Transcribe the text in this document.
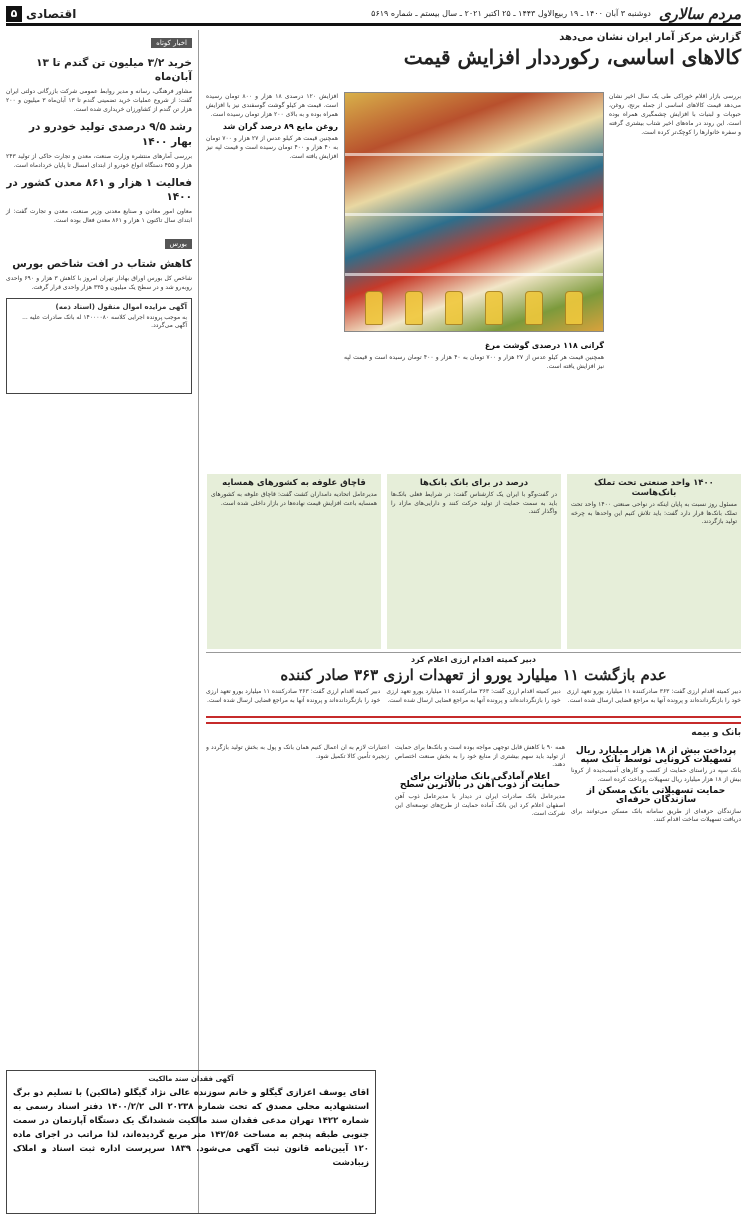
مردم سالاری
دوشنبه ۳ آبان ۱۴۰۰ ـ ۱۹ ربیع‌الاول ۱۴۴۳ ـ ۲۵ اکتبر ۲۰۲۱ ـ سال بیستم ـ شماره ۵۶۱۹
اقتصادی
۵
اخبار کوتاه
خرید ۳/۲ میلیون تن گندم تا ۱۳ آبان‌ماه

مشاور فرهنگی، رسانه و مدیر روابط عمومی شرکت بازرگانی دولتی ایران گفت: از شروع عملیات خرید تضمینی گندم تا ۱۳ آبان‌ماه ۳ میلیون و ۲۰۰ هزار تن گندم از کشاورزان خریداری شده است.

رشد ۹/۵ درصدی تولید خودرو در بهار ۱۴۰۰

بررسی آمارهای منتشره وزارت صنعت، معدن و تجارت حاکی از تولید ۲۴۳ هزار و ۴۵۵ دستگاه انواع خودرو از ابتدای امسال تا پایان خردادماه است.

فعالیت ۱ هزار و ۸۶۱ معدن کشور در ۱۴۰۰

معاون امور معادن و صنایع معدنی وزیر صنعت، معدن و تجارت گفت: از ابتدای سال تاکنون ۱ هزار و ۸۶۱ معدن فعال بوده است.

بورس
کاهش شتاب در افت شاخص بورس

شاخص کل بورس اوراق بهادار تهران امروز با کاهش ۳ هزار و ۶۹۰ واحدی روبه‌رو شد و در سطح یک میلیون و ۳۳۵ هزار واحدی قرار گرفت.

آگهی مزایده اموال منقول (اسناد ذمه)
به موجب پرونده اجرایی کلاسه ۱۴۰۰۰۰۸۰ له بانک صادرات علیه ... آگهی می‌گردد.
گزارش مرکز آمار ایران نشان می‌دهد
کالاهای اساسی، رکورددار افزایش قیمت

بررسی بازار اقلام خوراکی طی یک سال اخیر نشان می‌دهد قیمت کالاهای اساسی از جمله برنج، روغن، حبوبات و لبنیات با افزایش چشمگیری همراه بوده است. این روند در ماه‌های اخیر شتاب بیشتری گرفته و سفره خانوارها را کوچک‌تر کرده است.

افزایش ۱۲۰ درصدی ۱۸ هزار و ۸۰۰ تومان رسیده است. قیمت هر کیلو گوشت گوسفندی نیز با افزایش همراه بوده و به بالای ۲۰۰ هزار تومان رسیده است.

روغن مایع ۸۹ درصد گران شد

همچنین قیمت هر کیلو عدس از ۲۷ هزار و ۷۰۰ تومان به ۴۰ هزار و ۴۰۰ تومان رسیده است و قیمت لپه نیز افزایش یافته است.

گرانی ۱۱۸ درصدی گوشت مرغ

همچنین قیمت هر کیلو عدس از ۲۷ هزار و ۷۰۰ تومان به ۴۰ هزار و ۴۰۰ تومان رسیده است و قیمت لپه نیز افزایش یافته است.

۱۴۰۰ واحد صنعتی تحت تملک بانک‌هاست

مسئول روز نسبت به پایان اینکه در نواحی صنعتی ۱۴۰۰ واحد تحت تملک بانک‌ها قرار دارد گفت: باید تلاش کنیم این واحدها به چرخه تولید بازگردند.

درصد در برای بانک بانک‌ها

در گفت‌وگو با ایران یک کارشناس گفت: در شرایط فعلی بانک‌ها باید به سمت حمایت از تولید حرکت کنند و دارایی‌های مازاد را واگذار کنند.

قاچاق علوفه به کشورهای همسایه

مدیرعامل اتحادیه دامداران کشت گفت: قاچاق علوفه به کشورهای همسایه باعث افزایش قیمت نهاده‌ها در بازار داخلی شده است.

دبیر کمیته اقدام ارزی اعلام کرد
عدم بازگشت ۱۱ میلیارد یورو از تعهدات ارزی ۳۶۳ صادر کننده

دبیر کمیته اقدام ارزی گفت: ۳۶۳ صادرکننده ۱۱ میلیارد یورو تعهد ارزی خود را بازنگردانده‌اند و پرونده آنها به مراجع قضایی ارسال شده است.

دبیر کمیته اقدام ارزی گفت: ۳۶۳ صادرکننده ۱۱ میلیارد یورو تعهد ارزی خود را بازنگردانده‌اند و پرونده آنها به مراجع قضایی ارسال شده است.

دبیر کمیته اقدام ارزی گفت: ۳۶۳ صادرکننده ۱۱ میلیارد یورو تعهد ارزی خود را بازنگردانده‌اند و پرونده آنها به مراجع قضایی ارسال شده است.

بانک و بیمه
پرداخت بیش از ۱۸ هزار میلیارد ریال تسهیلات کرونایی توسط بانک سپه

بانک سپه در راستای حمایت از کسب و کارهای آسیب‌دیده از کرونا بیش از ۱۸ هزار میلیارد ریال تسهیلات پرداخت کرده است.

حمایت تسهیلاتی بانک مسکن از سازندگان حرفه‌ای

سازندگان حرفه‌ای از طریق سامانه بانک مسکن می‌توانند برای دریافت تسهیلات ساخت اقدام کنند.

همه ۹۰ با کاهش قابل توجهی مواجه بوده است و بانک‌ها برای حمایت از تولید باید سهم بیشتری از منابع خود را به بخش صنعت اختصاص دهند.

اعلام آمادگی بانک صادرات برای حمایت از ذوب آهن در بالاترین سطح

مدیرعامل بانک صادرات ایران در دیدار با مدیرعامل ذوب آهن اصفهان اعلام کرد این بانک آماده حمایت از طرح‌های توسعه‌ای این شرکت است.

اعتبارات لازم به آن اعمال کنیم همان بانک و پول به بخش تولید بازگردد و زنجیره تأمین کالا تکمیل شود.

آگهی فقدان سند مالکیت

اقای یوسف اعزازی گیگلو و خانم سوزنده عالی نژاد گیگلو (مالکین) با تسلیم دو برگ استشهادیه محلی مصدق که تحت شماره ۲۰۲۳۸ الی ۱۴۰۰/۲/۲ دفتر اسناد رسمی به شماره ۱۴۲۲ تهران مدعی فقدان سند مالکیت ششدانگ یک دستگاه آپارتمان در سمت جنوبی طبقه پنجم به مساحت ۱۴۲/۵۶ متر مربع گردیده‌اند، لذا مراتب در اجرای ماده ۱۲۰ آیین‌نامه قانون ثبت آگهی می‌شود. ۱۸۳۹ سرپرست اداره ثبت اسناد و املاک زیبادشت
